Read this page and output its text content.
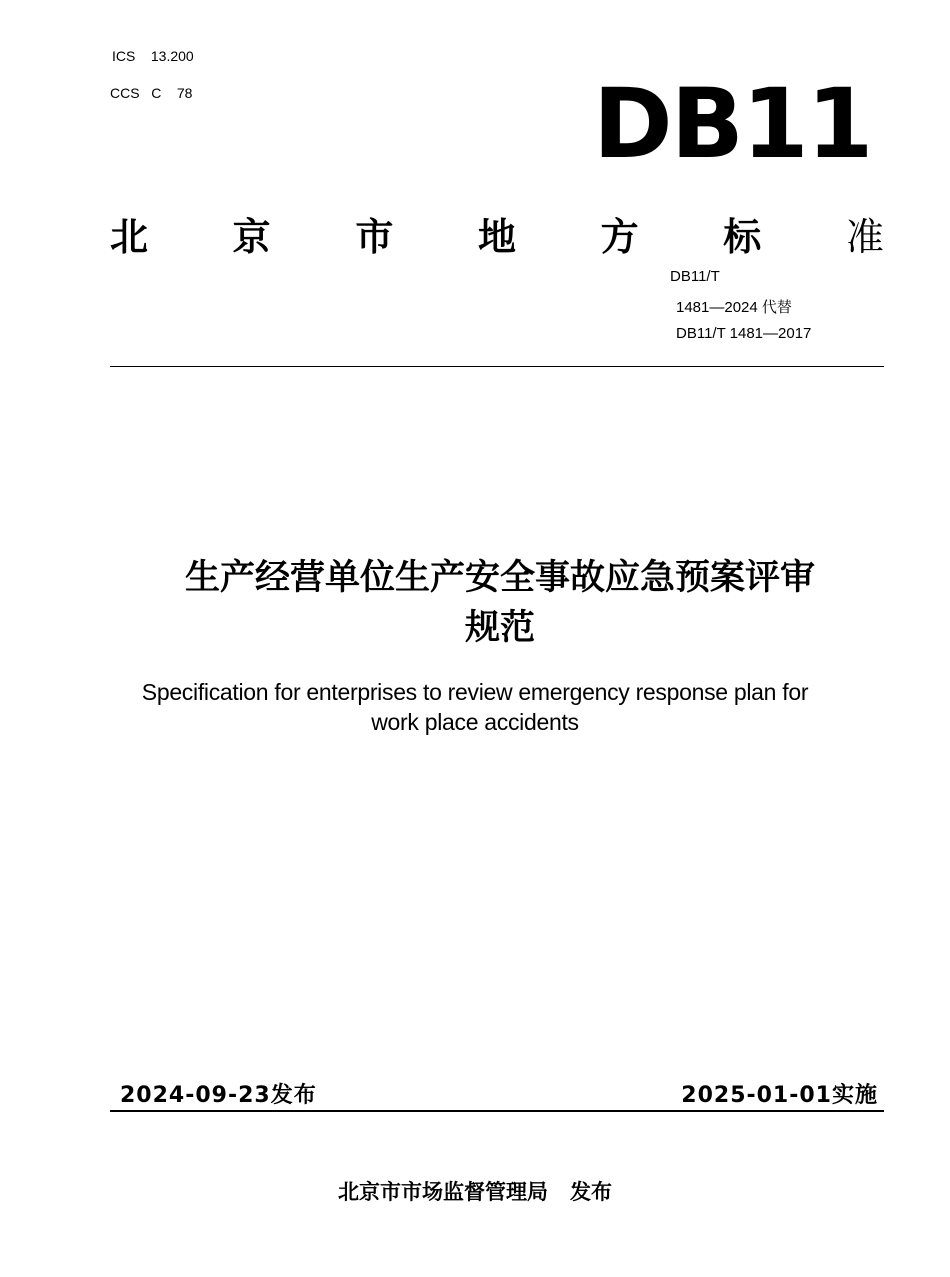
ICS    13.200
CCS   C    78	DB11
北 京 市 地 方 标 准
DB11/T
1481—2024 代替
DB11/T 1481—2017
生产经营单位生产安全事故应急预案评审
规范
Specification for enterprises to review emergency response plan for
work place accidents
2024-09-23发布	2025-01-01实施
北京市市场监督管理局   发布
